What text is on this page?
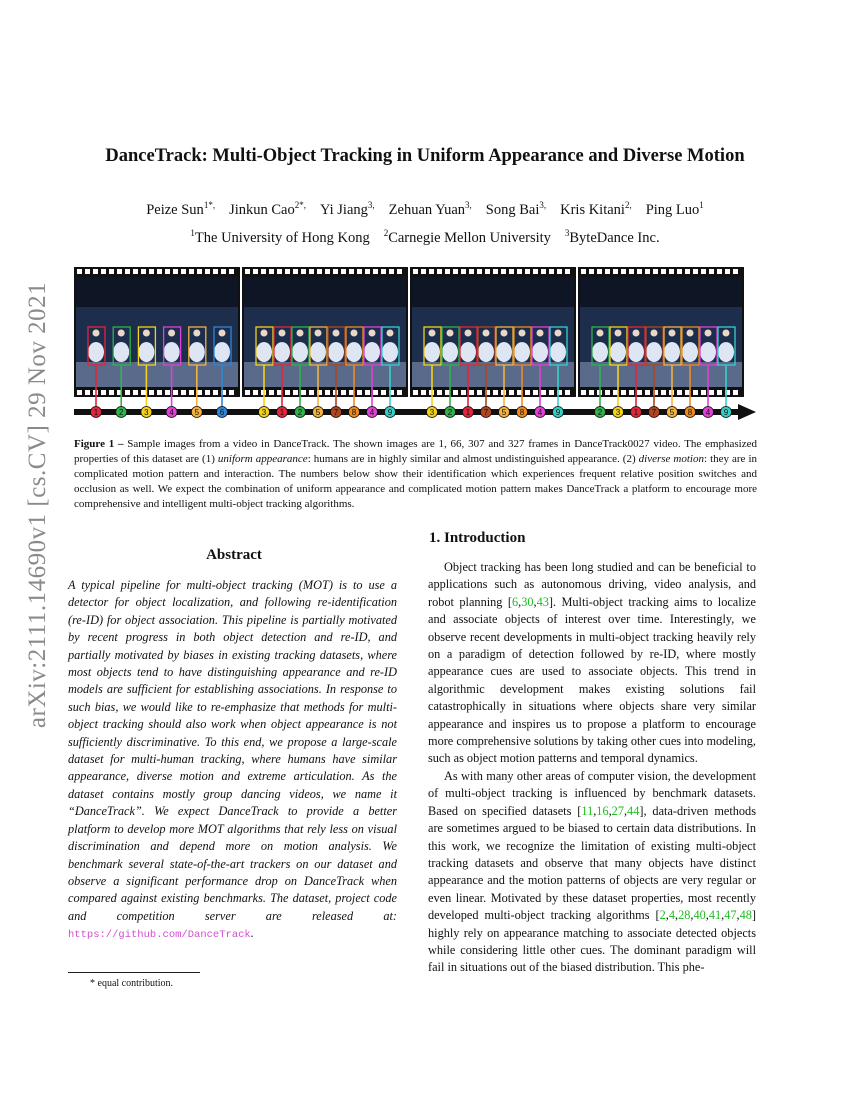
arXiv:2111.14690v1 [cs.CV] 29 Nov 2021
DanceTrack: Multi-Object Tracking in Uniform Appearance and Diverse Motion
Peize Sun$^{1*,}$ Jinkun Cao$^{2*,}$ Yi Jiang$^{3,}$ Zehuan Yuan$^{3,}$ Song Bai$^{3,}$ Kris Kitani$^{2,}$ Ping Luo$^1$
$^1$The University of Hong Kong $^2$Carnegie Mellon University $^3$ByteDance Inc.
1	2	3	4	5	6	3 1 2 5 7 8 4 9	3 2 1 7 5 8 4 9	2 3 1 7 5 8 4 9
Figure 1 – Sample images from a video in DanceTrack. The shown images are 1, 66, 307 and 327 frames in DanceTrack0027 video. The emphasized properties of this dataset are (1) uniform appearance: humans are in highly similar and almost undistinguished appearance. (2) diverse motion: they are in complicated motion pattern and interaction. The numbers below show their identification which experiences frequent relative position switches and occlusion as well. We expect the combination of uniform appearance and complicated motion pattern makes DanceTrack a platform to encourage more comprehensive and intelligent multi-object tracking algorithms.
Abstract
A typical pipeline for multi-object tracking (MOT) is to use a detector for object localization, and following re-identification (re-ID) for object association. This pipeline is partially motivated by recent progress in both object detection and re-ID, and partially motivated by biases in existing tracking datasets, where most objects tend to have distinguishing appearance and re-ID models are sufficient for establishing associations. In response to such bias, we would like to re-emphasize that methods for multi-object tracking should also work when object appearance is not sufficiently discriminative. To this end, we propose a large-scale dataset for multi-human tracking, where humans have similar appearance, diverse motion and extreme articulation. As the dataset contains mostly group dancing videos, we name it “DanceTrack”. We expect DanceTrack to provide a better platform to develop more MOT algorithms that rely less on visual discrimination and depend more on motion analysis. We benchmark several state-of-the-art trackers on our dataset and observe a significant performance drop on DanceTrack when compared against existing benchmarks. The dataset, project code and competition server are released at: https://github.com/DanceTrack.
* equal contribution.
1. Introduction

Object tracking has been long studied and can be beneficial to applications such as autonomous driving, video analysis, and robot planning [6,30,43]. Multi-object tracking aims to localize and associate objects of interest over time. Interestingly, we observe recent developments in multi-object tracking heavily rely on a paradigm of detection followed by re-ID, where mostly appearance cues are used to associate objects. This trend in algorithmic development makes existing solutions fail catastrophically in situations where objects share very similar appearance and inspires us to propose a platform to encourage more comprehensive solutions by taking other cues into modeling, such as object motion patterns and temporal dynamics.

As with many other areas of computer vision, the development of multi-object tracking is influenced by benchmark datasets. Based on specified datasets [11,16,27,44], data-driven methods are sometimes argued to be biased to certain data distributions. In this work, we recognize the limitation of existing multi-object tracking datasets and observe that many objects have distinct appearance and the motion patterns of objects are very regular or even linear. Motivated by these dataset properties, most recently developed multi-object tracking algorithms [2,4,28,40,41,47,48] highly rely on appearance matching to associate detected objects while considering little other cues. The dominant paradigm will fail in situations out of the biased distribution. This phe-
